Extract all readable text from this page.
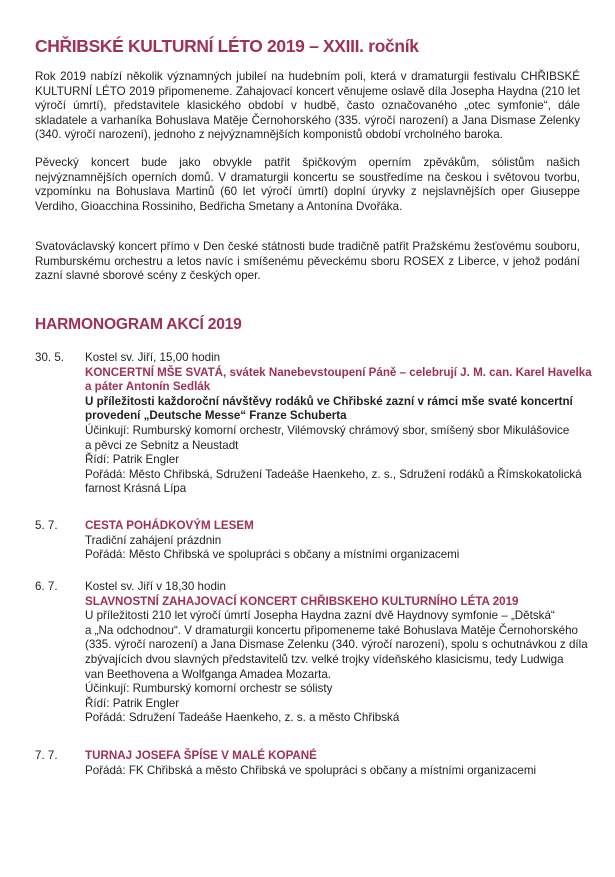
CHŘIBSKÉ KULTURNÍ LÉTO 2019 – XXIII. ročník
Rok 2019 nabízí několik významných jubileí na hudebním poli, která v dramaturgii festivalu CHŘIBSKÉ KULTURNÍ LÉTO 2019 připomeneme. Zahajovací koncert věnujeme oslavě díla Josepha Haydna (210 let výročí úmrtí), představitele klasického období v hudbě, často označovaného „otec symfonie“, dále skladatele a varhaníka Bohuslava Matěje Černohorského (335. výročí narození) a Jana Dismase Zelenky (340. výročí narození), jednoho z nejvýznamnějších komponistů období vrcholného baroka.
Pěvecký koncert bude jako obvykle patřit špičkovým operním zpěvákům, sólistům našich nejvýznamnějších operních domů. V dramaturgii koncertu se soustředíme na českou i světovou tvorbu, vzpomínku na Bohuslava Martinů (60 let výročí úmrtí) doplní úryvky z nejslavnějších oper Giuseppe Verdiho, Gioacchina Rossiniho, Bedřicha Smetany a Antonína Dvořáka.
Svatováclavský koncert přímo v Den české státnosti bude tradičně patřit Pražskému žesťovému souboru, Rumburskému orchestru a letos navíc i smíšenému pěveckému sboru ROSEX z Liberce, v jehož podání zazní slavné sborové scény z českých oper.
HARMONOGRAM AKCÍ 2019
30. 5. Kostel sv. Jiří, 15,00 hodin
KONCERTNÍ MŠE SVATÁ, svátek Nanebevstoupení Páně – celebrují J. M. can. Karel Havelka
a páter Antonín Sedlák
U příležitosti každoroční návštěvy rodáků ve Chřibské zazní v rámci mše svaté koncertní
provedení „Deutsche Messe“ Franze Schuberta
Účinkují: Rumburský komorní orchestr, Vilémovský chrámový sbor, smíšený sbor Mikulášovice
a pěvci ze Sebnitz a Neustadt
Řídí: Patrik Engler
Pořádá: Město Chřibská, Sdružení Tadeáše Haenkeho, z. s., Sdružení rodáků a Římskokatolická
farnost Krásná Lípa
5. 7. CESTA POHÁDKOVÝM LESEM
Tradiční zahájení prázdnin
Pořádá: Město Chřibská ve spolupráci s občany a místními organizacemi
6. 7. Kostel sv. Jiří v 18,30 hodin
SLAVNOSTNÍ ZAHAJOVACÍ KONCERT CHŘIBSKEHO KULTURNÍHO LÉTA 2019
U příležitosti 210 let výročí úmrtí Josepha Haydna zazní dvě Haydnovy symfonie – „Dětská“
a „Na odchodnou“. V dramaturgii koncertu připomeneme také Bohuslava Matěje Černohorského
(335. výročí narození) a Jana Dismase Zelenku (340. výročí narození), spolu s ochutnávkou z díla
zbývajících dvou slavných představitelů tzv. velké trojky vídeňského klasicismu, tedy Ludwiga
van Beethovena a Wolfganga Amadea Mozarta.
Účinkují: Rumburský komorní orchestr se sólisty
Řídí: Patrik Engler
Pořádá: Sdružení Tadeáše Haenkeho, z. s. a město Chřibská
7. 7. TURNAJ JOSEFA ŠPÍSE V MALÉ KOPANÉ
Pořádá: FK Chřibská a město Chřibská ve spolupráci s občany a místními organizacemi
